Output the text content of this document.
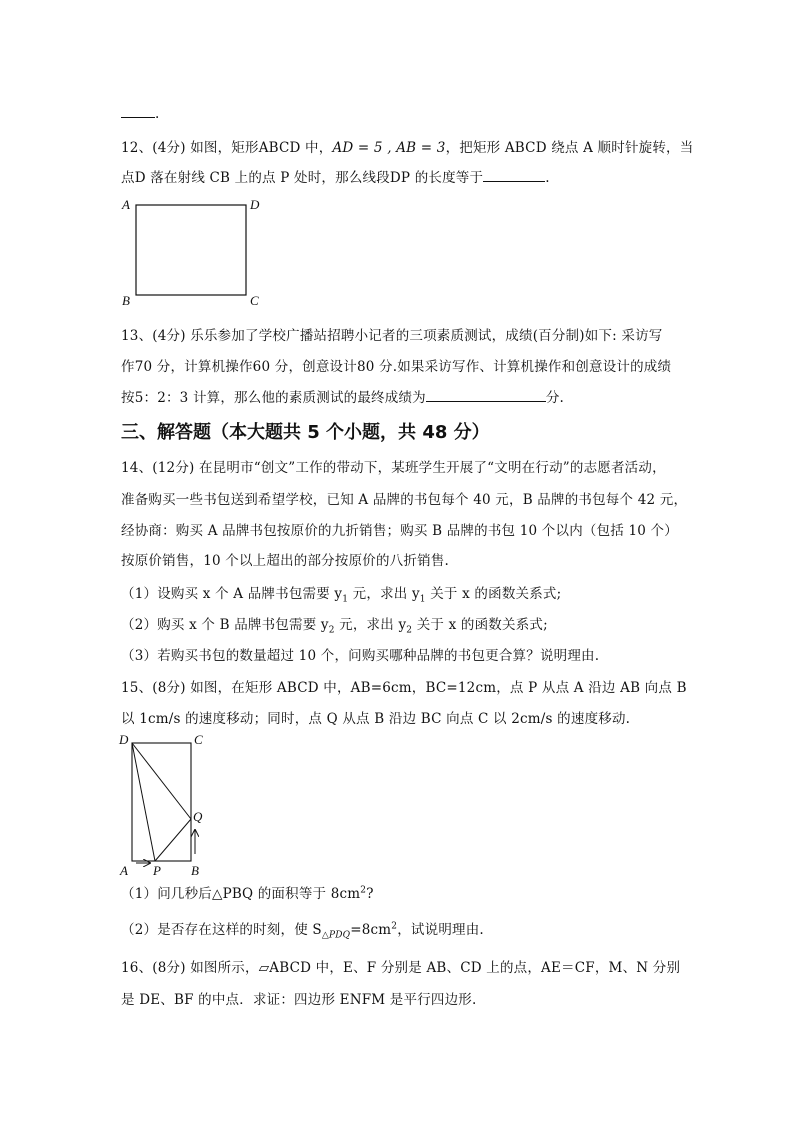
.
12、(4分) 如图，矩形ABCD 中，AD = 5 , AB = 3，把矩形 ABCD 绕点 A 顺时针旋转，当
点D 落在射线 CB 上的点 P 处时，那么线段DP 的长度等于	.
A	D
B	C
13、(4分) 乐乐参加了学校广播站招聘小记者的三项素质测试，成绩(百分制)如下: 采访写
作70 分，计算机操作60 分，创意设计80 分.如果采访写作、计算机操作和创意设计的成绩
按5：2：3 计算，那么他的素质测试的最终成绩为	分.
三、解答题（本大题共 5 个小题，共 48 分）
14、(12分) 在昆明市“创文”工作的带动下，某班学生开展了“文明在行动”的志愿者活动，
准备购买一些书包送到希望学校，已知 A 品牌的书包每个 40 元，B 品牌的书包每个 42 元，
经协商：购买 A 品牌书包按原价的九折销售；购买 B 品牌的书包 10 个以内（包括 10 个）
按原价销售，10 个以上超出的部分按原价的八折销售.
（1）设购买 x 个 A 品牌书包需要 $y_1$ 元，求出 $y_1$ 关于 x 的函数关系式;
（2）购买 x 个 B 品牌书包需要 $y_2$ 元，求出 $y_2$ 关于 x 的函数关系式;
（3）若购买书包的数量超过 10 个，问购买哪种品牌的书包更合算？说明理由.
15、(8分) 如图，在矩形 ABCD 中，AB=6cm，BC=12cm，点 P 从点 A 沿边 AB 向点 B
以 1cm/s 的速度移动；同时，点 Q 从点 B 沿边 BC 向点 C 以 2cm/s 的速度移动.
D	C
Q
A P B
（1）问几秒后△PBQ 的面积等于 $8cm^2$?
（2）是否存在这样的时刻，使 $S_{\triangle PDQ}=8cm^2$，试说明理由.
16、(8分) 如图所示，▱ABCD 中，E、F 分别是 AB、CD 上的点，AE＝CF，M、N 分别
是 DE、BF 的中点．求证：四边形 ENFM 是平行四边形.
